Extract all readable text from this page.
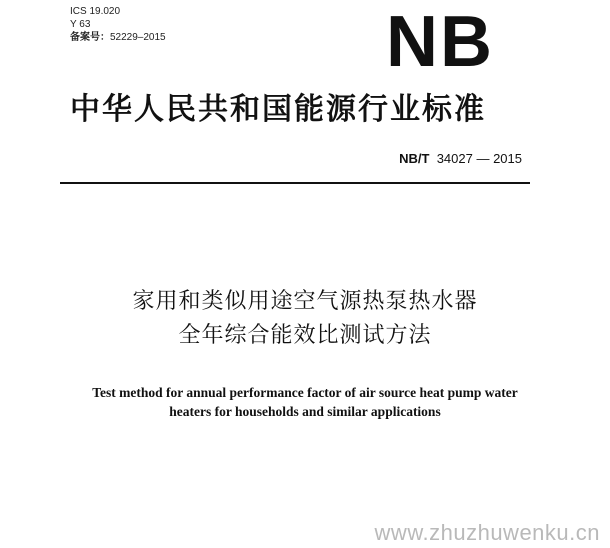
ICS 19.020
Y 63
备案号：52229–2015	NB
中华人民共和国能源行业标准
NB/T 34027 — 2015
家用和类似用途空气源热泵热水器
全年综合能效比测试方法
Test method for annual performance factor of air source heat pump water
heaters for households and similar applications
www.zhuzhuwenku.cn
